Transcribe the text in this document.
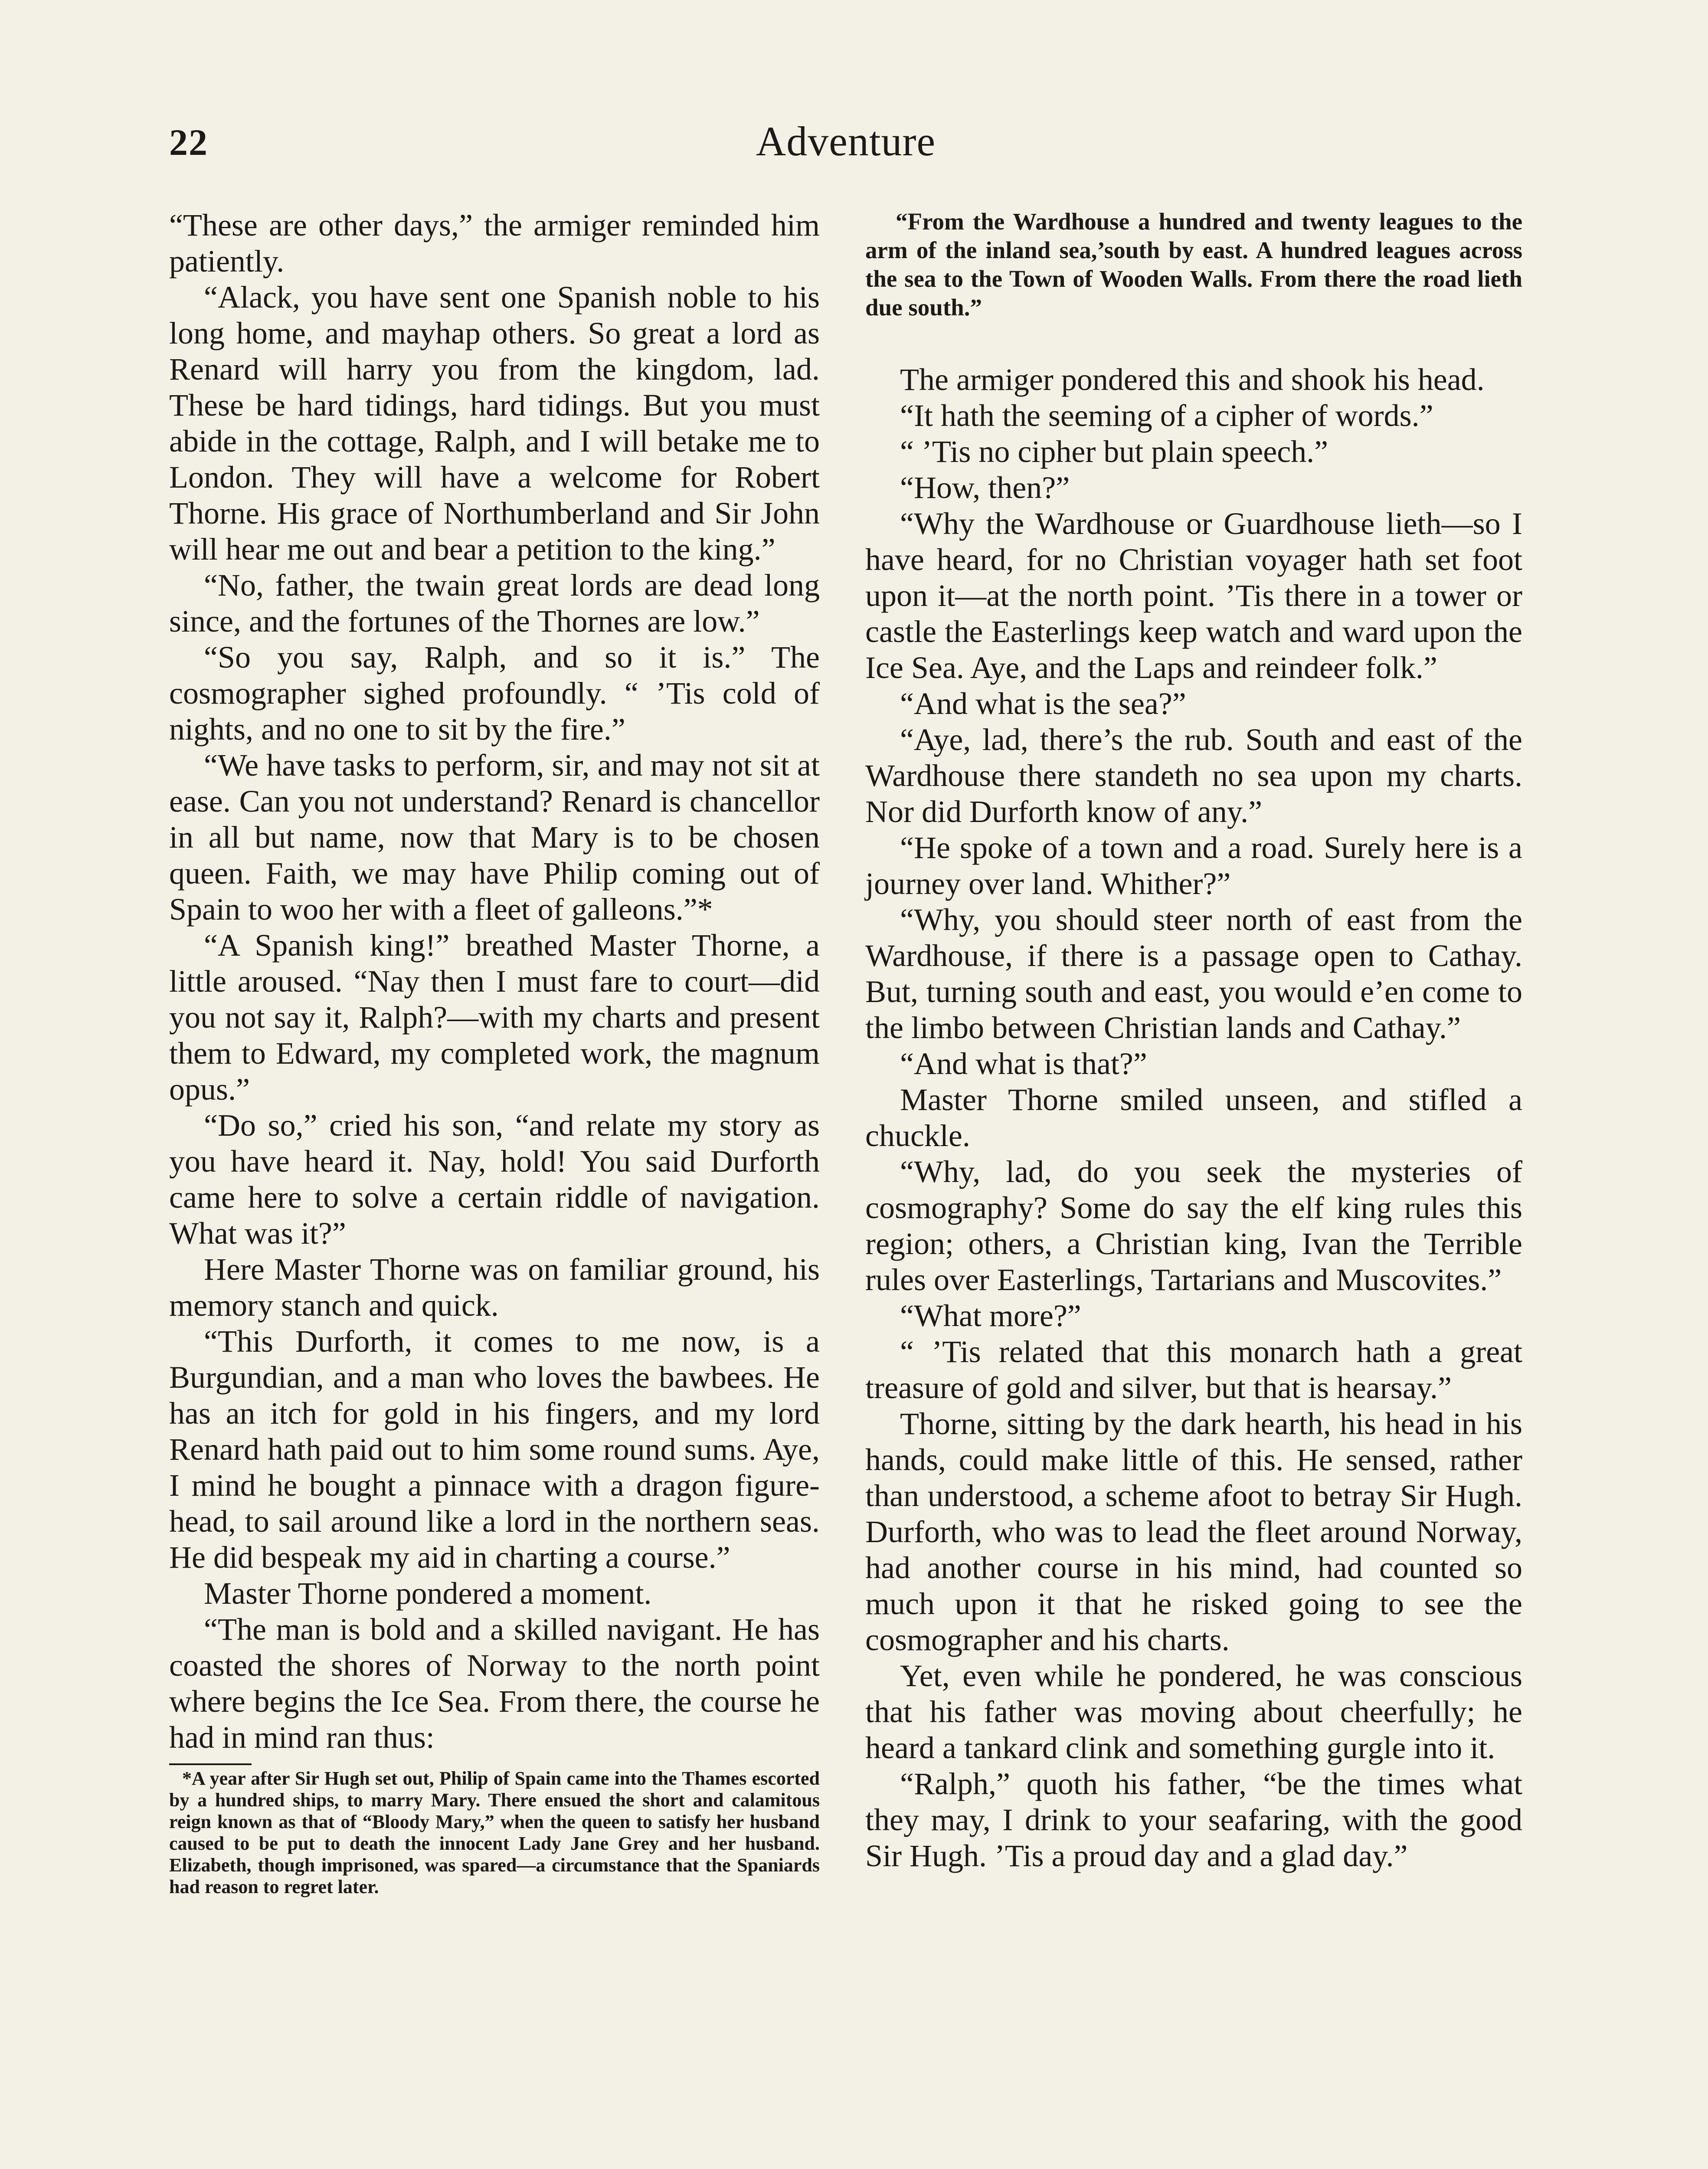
22	Adventure

“These are other days,” the armiger reminded him patiently.

“Alack, you have sent one Spanish noble to his long home, and mayhap others. So great a lord as Renard will harry you from the kingdom, lad. These be hard tidings, hard tidings. But you must abide in the cottage, Ralph, and I will betake me to London. They will have a welcome for Robert Thorne. His grace of Northumberland and Sir John will hear me out and bear a petition to the king.”

“No, father, the twain great lords are dead long since, and the fortunes of the Thornes are low.”

“So you say, Ralph, and so it is.” The cosmographer sighed profoundly. “ ’Tis cold of nights, and no one to sit by the fire.”

“We have tasks to perform, sir, and may not sit at ease. Can you not understand? Renard is chancellor in all but name, now that Mary is to be chosen queen. Faith, we may have Philip coming out of Spain to woo her with a fleet of galleons.”*

“A Spanish king!” breathed Master Thorne, a little aroused. “Nay then I must fare to court—did you not say it, Ralph?—with my charts and present them to Edward, my completed work, the magnum opus.”

“Do so,” cried his son, “and relate my story as you have heard it. Nay, hold! You said Durforth came here to solve a certain riddle of navigation. What was it?”

Here Master Thorne was on familiar ground, his memory stanch and quick.

“This Durforth, it comes to me now, is a Burgundian, and a man who loves the bawbees. He has an itch for gold in his fingers, and my lord Renard hath paid out to him some round sums. Aye, I mind he bought a pinnace with a dragon figure-head, to sail around like a lord in the northern seas. He did bespeak my aid in charting a course.”

Master Thorne pondered a moment.

“The man is bold and a skilled navigant. He has coasted the shores of Norway to the north point where begins the Ice Sea. From there, the course he had in mind ran thus:

*A year after Sir Hugh set out, Philip of Spain came into the Thames escorted by a hundred ships, to marry Mary. There ensued the short and calamitous reign known as that of “Bloody Mary,” when the queen to satisfy her husband caused to be put to death the innocent Lady Jane Grey and her husband. Elizabeth, though imprisoned, was spared—a circumstance that the Spaniards had reason to regret later.

“From the Wardhouse a hundred and twenty leagues to the arm of the inland sea,’south by east. A hundred leagues across the sea to the Town of Wooden Walls. From there the road lieth due south.”

The armiger pondered this and shook his head.

“It hath the seeming of a cipher of words.”

“ ’Tis no cipher but plain speech.”

“How, then?”

“Why the Wardhouse or Guardhouse lieth—so I have heard, for no Christian voyager hath set foot upon it—at the north point. ’Tis there in a tower or castle the Easterlings keep watch and ward upon the Ice Sea. Aye, and the Laps and reindeer folk.”

“And what is the sea?”

“Aye, lad, there’s the rub. South and east of the Wardhouse there standeth no sea upon my charts. Nor did Durforth know of any.”

“He spoke of a town and a road. Surely here is a journey over land. Whither?”

“Why, you should steer north of east from the Wardhouse, if there is a passage open to Cathay. But, turning south and east, you would e’en come to the limbo between Christian lands and Cathay.”

“And what is that?”

Master Thorne smiled unseen, and stifled a chuckle.

“Why, lad, do you seek the mysteries of cosmography? Some do say the elf king rules this region; others, a Christian king, Ivan the Terrible rules over Easterlings, Tartarians and Muscovites.”

“What more?”

“ ’Tis related that this monarch hath a great treasure of gold and silver, but that is hearsay.”

Thorne, sitting by the dark hearth, his head in his hands, could make little of this. He sensed, rather than understood, a scheme afoot to betray Sir Hugh. Durforth, who was to lead the fleet around Norway, had another course in his mind, had counted so much upon it that he risked going to see the cosmographer and his charts.

Yet, even while he pondered, he was conscious that his father was moving about cheerfully; he heard a tankard clink and something gurgle into it.

“Ralph,” quoth his father, “be the times what they may, I drink to your seafaring, with the good Sir Hugh. ’Tis a proud day and a glad day.”
